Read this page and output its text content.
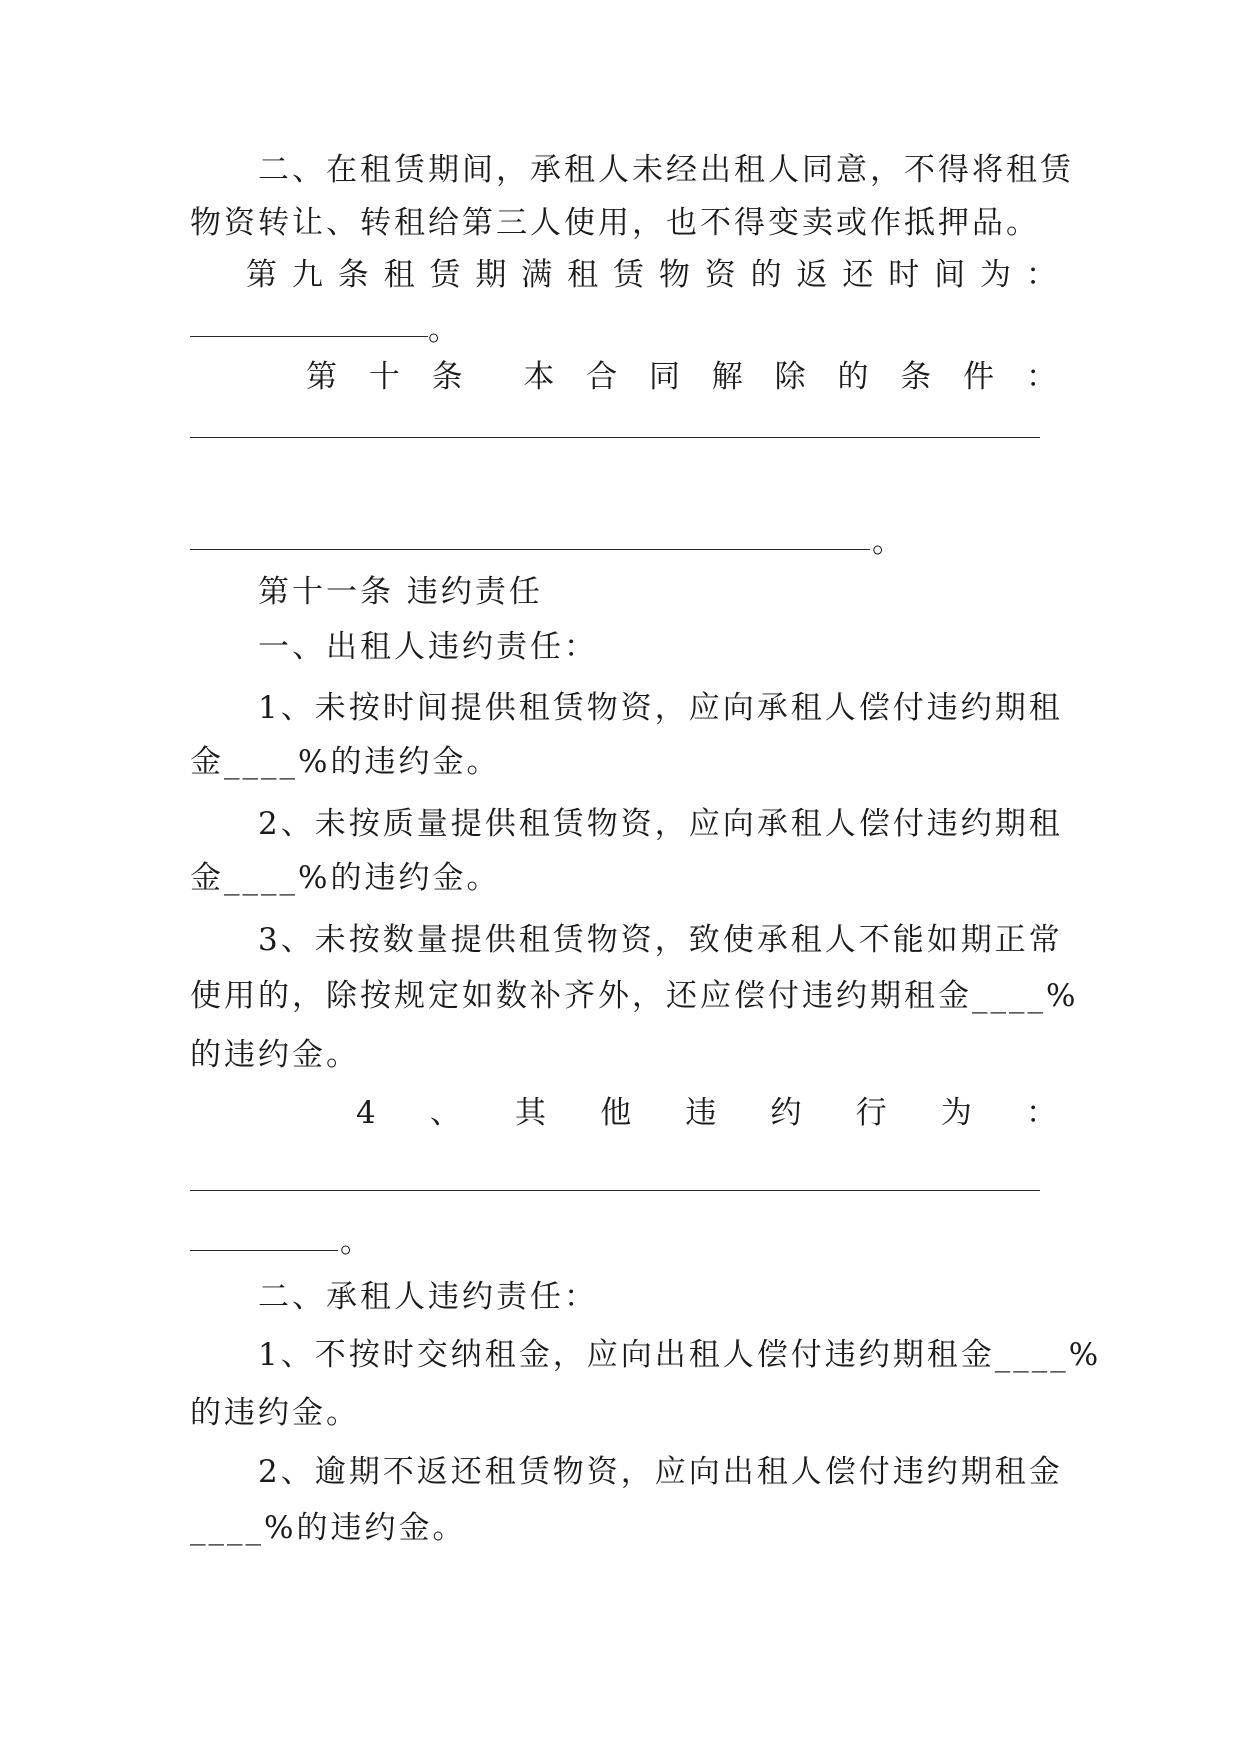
二、在租赁期间，承租人未经出租人同意，不得将租赁
物资转让、转租给第三人使用，也不得变卖或作抵押品。
第 九 条 租 赁 期 满 租 赁 物 资 的 返 还 时 间 为 ：
。
第 十 条 本 合 同 解 除 的 条 件 ：
。
第十一条 违约责任
一、出租人违约责任：
1、未按时间提供租赁物资，应向承租人偿付违约期租
金____%的违约金。
2、未按质量提供租赁物资，应向承租人偿付违约期租
金____%的违约金。
3、未按数量提供租赁物资，致使承租人不能如期正常
使用的，除按规定如数补齐外，还应偿付违约期租金____%
的违约金。
4 、 其 他 违 约 行 为 ：
。
二、承租人违约责任：
1、不按时交纳租金，应向出租人偿付违约期租金____%
的违约金。
2、逾期不返还租赁物资，应向出租人偿付违约期租金
____%的违约金。
